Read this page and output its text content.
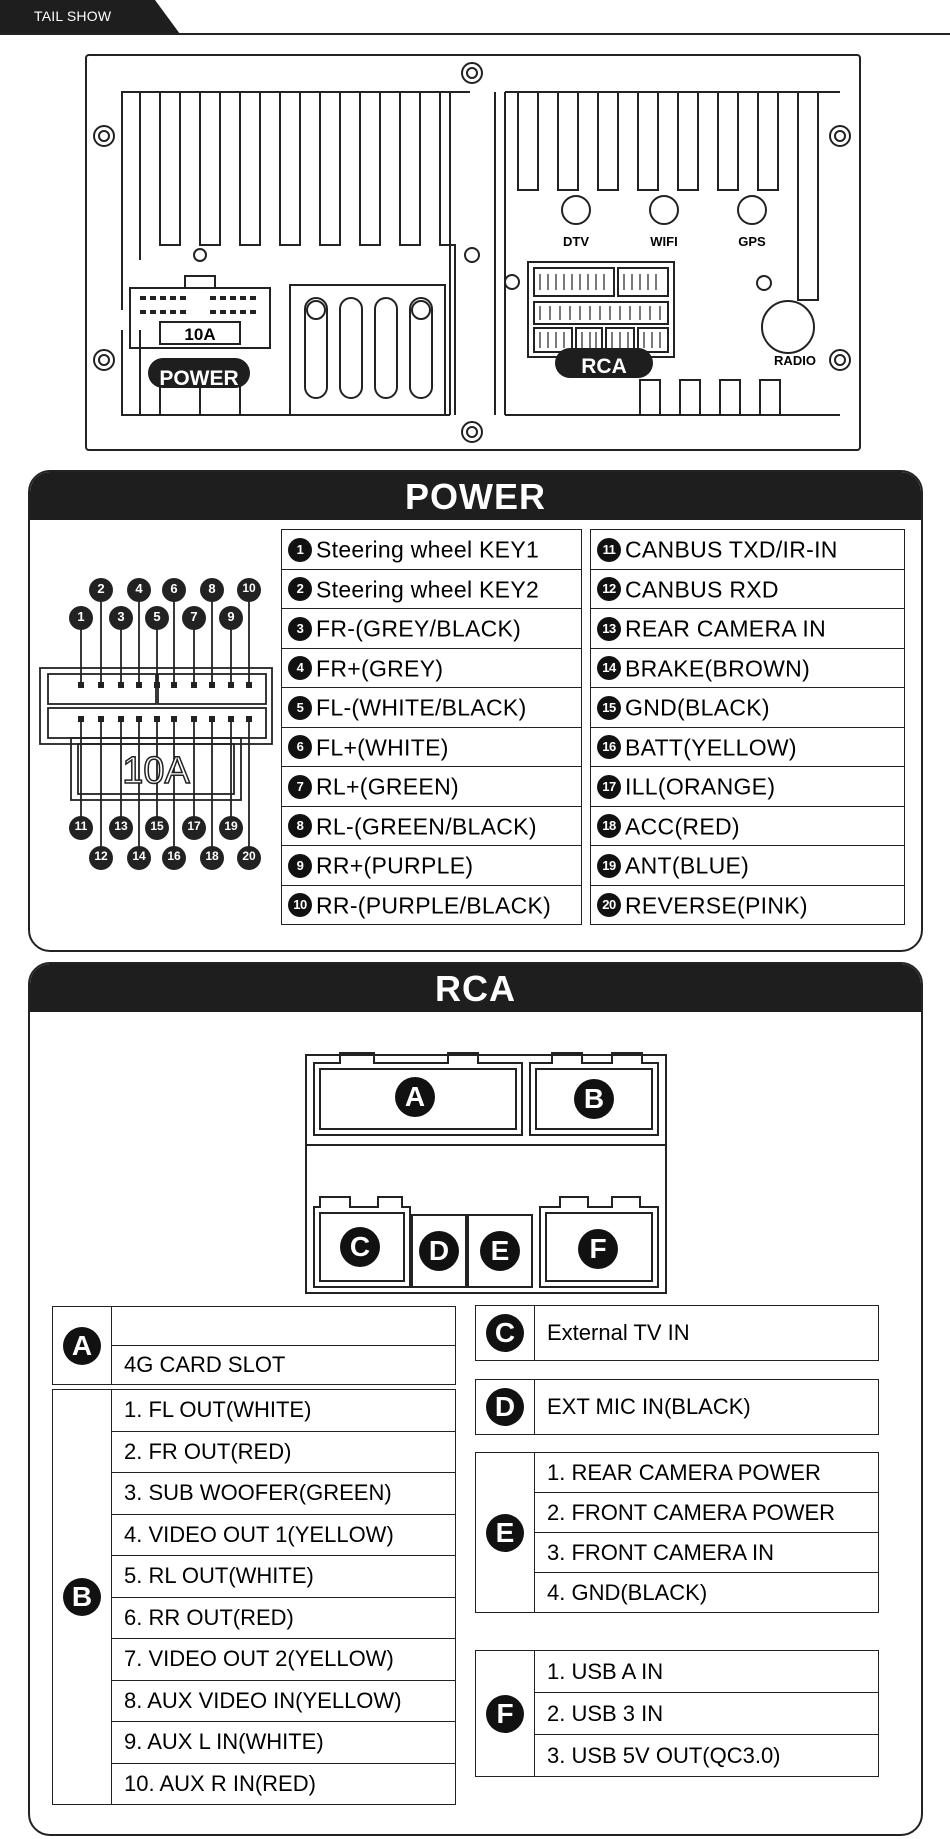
TAIL SHOW
POWER
10A
RCA
DTV	WIFI	GPS
RADIO
POWER
1
2
3
4
5
6
7
8
9
10
11
12
13
14
15
16
17
18
19
20
10A
1 Steering wheel KEY1
2 Steering wheel KEY2
3 FR-(GREY/BLACK)
4 FR+(GREY)
5 FL-(WHITE/BLACK)
6 FL+(WHITE)
7 RL+(GREEN)
8 RL-(GREEN/BLACK)
9 RR+(PURPLE)
10 RR-(PURPLE/BLACK)
11 CANBUS TXD/IR-IN
12 CANBUS RXD
13 REAR CAMERA IN
14 BRAKE(BROWN)
15 GND(BLACK)
16 BATT(YELLOW)
17 ILL(ORANGE)
18 ACC(RED)
19 ANT(BLUE)
20 REVERSE(PINK)
RCA
A	B
C	D	E	F
A	
4G CARD SLOT
B	1. FL OUT(WHITE)
2. FR OUT(RED)
3. SUB WOOFER(GREEN)
4. VIDEO OUT 1(YELLOW)
5. RL OUT(WHITE)
6. RR OUT(RED)
7. VIDEO OUT 2(YELLOW)
8. AUX VIDEO IN(YELLOW)
9. AUX L IN(WHITE)
10. AUX R IN(RED)
C	External TV IN
D	EXT MIC IN(BLACK)
E	1. REAR CAMERA POWER
2. FRONT CAMERA POWER
3. FRONT CAMERA IN
4. GND(BLACK)
F	1. USB A IN
2. USB 3 IN
3. USB 5V OUT(QC3.0)
